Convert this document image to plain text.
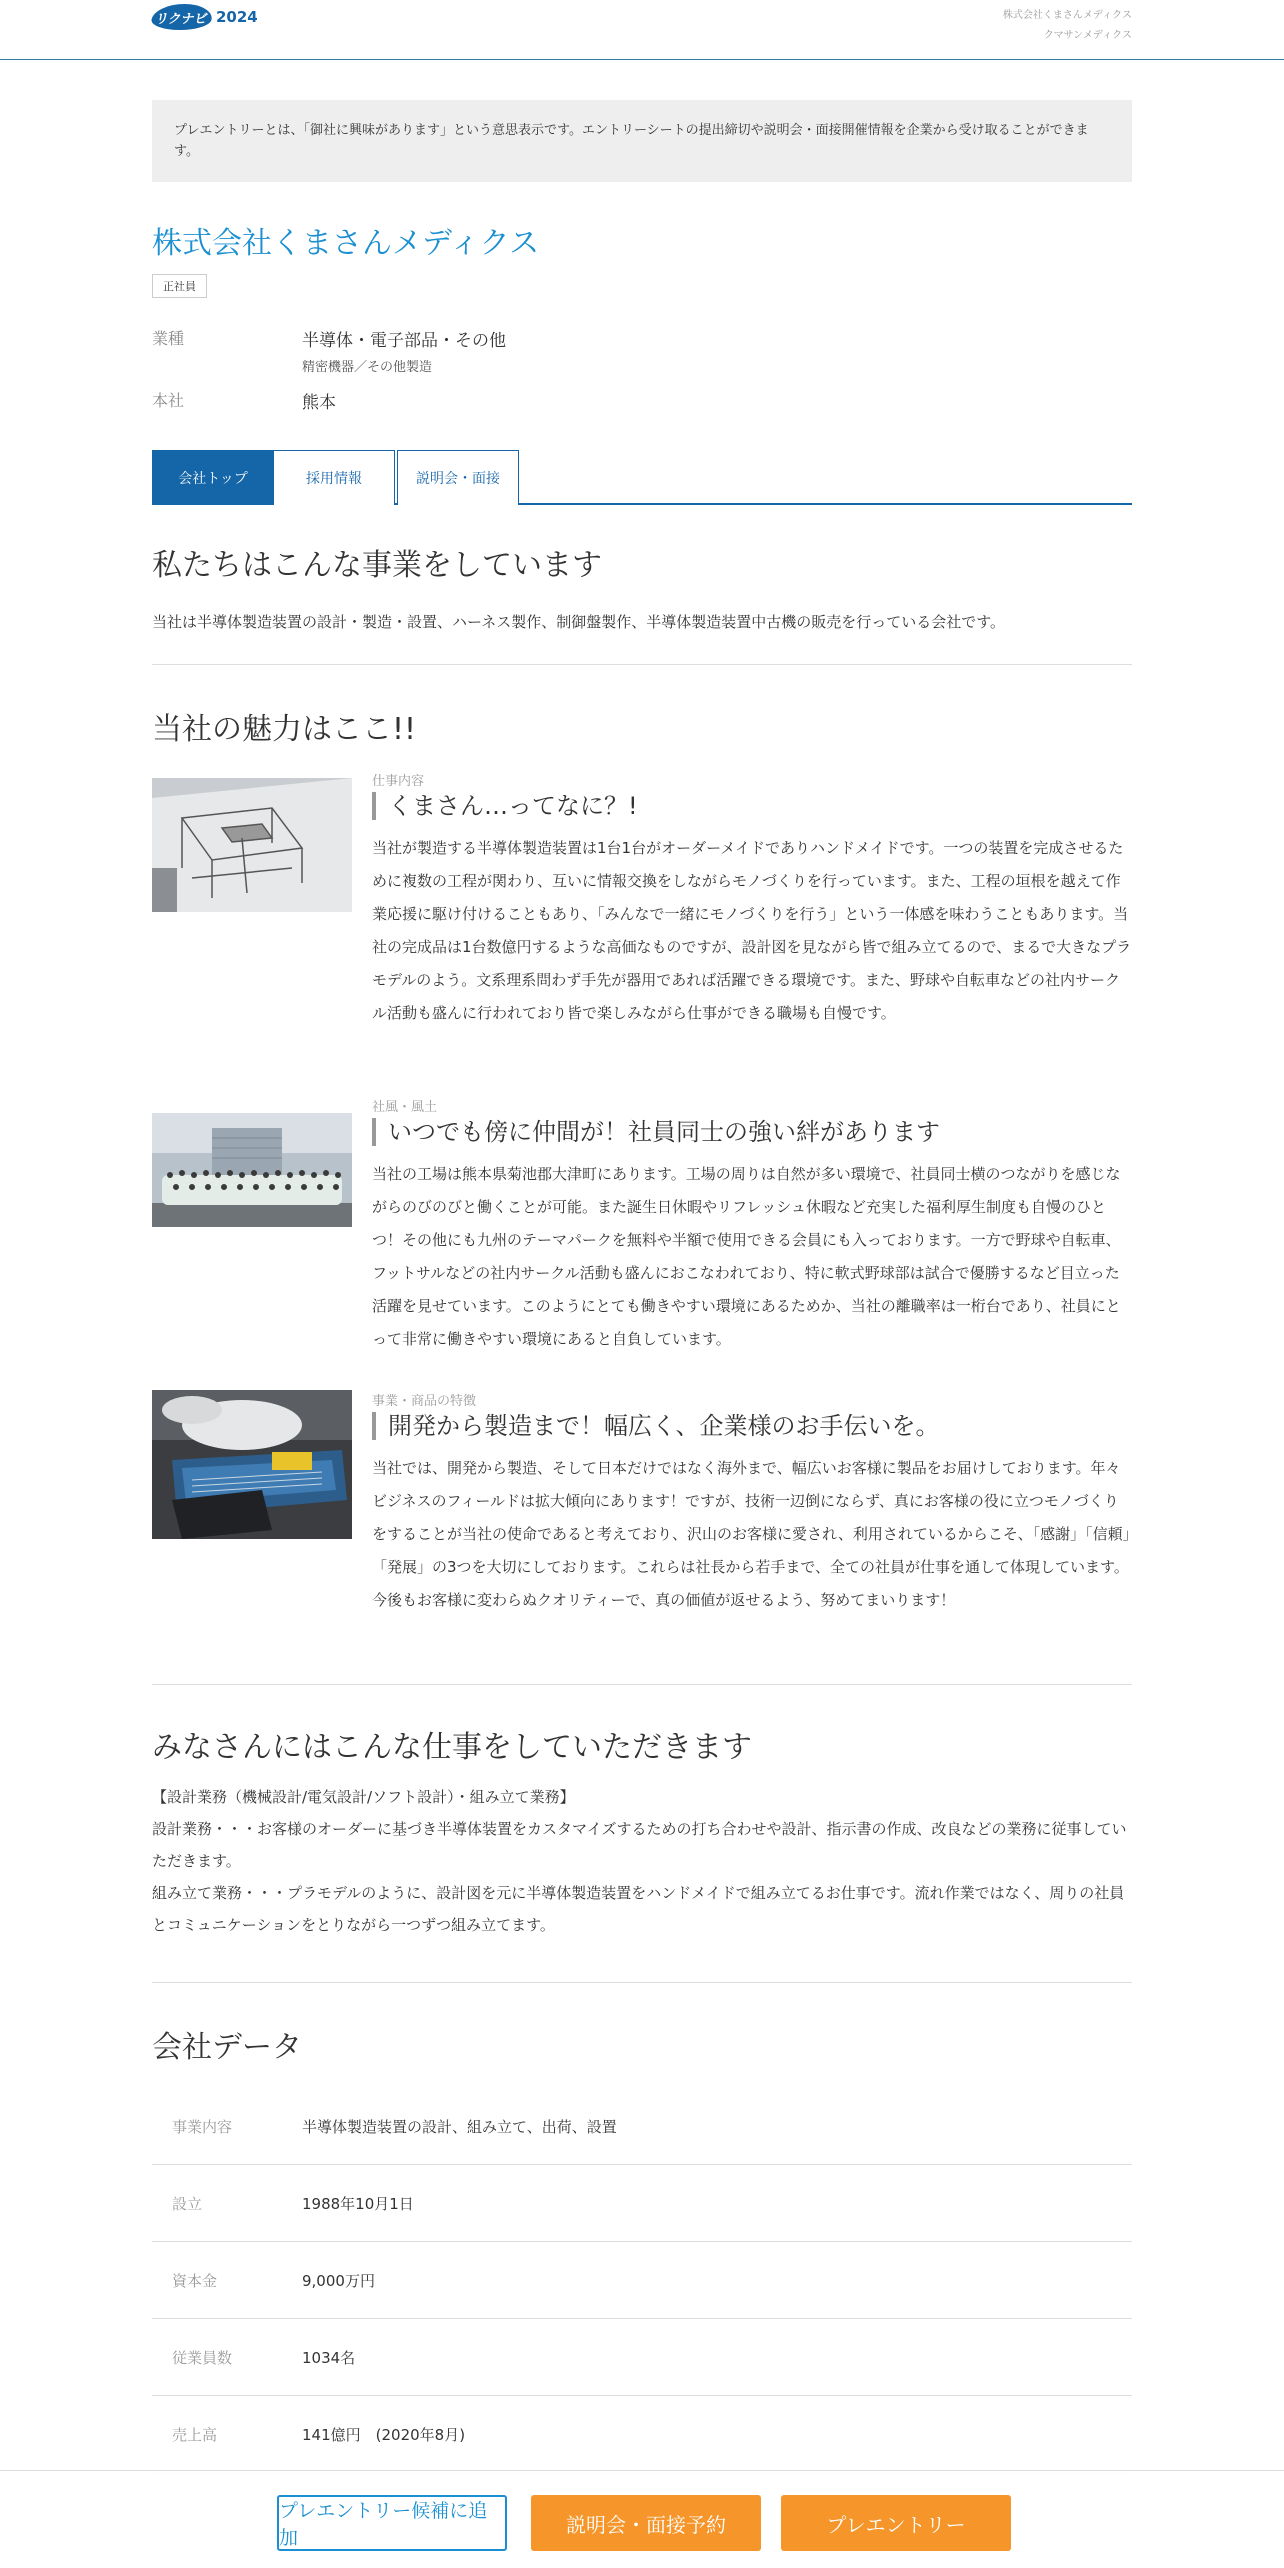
リクナビ 2024	株式会社くまさんメディクス
クマサンメディクス
プレエントリーとは、「御社に興味があります」という意思表示です。エントリーシートの提出締切や説明会・面接開催情報を企業から受け取ることができます。
株式会社くまさんメディクス
正社員
業種	半導体・電子部品・その他
精密機器／その他製造
本社	熊本
会社トップ	採用情報	説明会・面接
私たちはこんな事業をしています
当社は半導体製造装置の設計・製造・設置、ハーネス製作、制御盤製作、半導体製造装置中古機の販売を行っている会社です。
当社の魅力はここ!!
仕事内容
くまさん…ってなに？!
当社が製造する半導体製造装置は1台1台がオーダーメイドでありハンドメイドです。一つの装置を完成させるために複数の工程が関わり、互いに情報交換をしながらモノづくりを行っています。また、工程の垣根を越えて作業応援に駆け付けることもあり、「みんなで一緒にモノづくりを行う」という一体感を味わうこともあります。当社の完成品は1台数億円するような高価なものですが、設計図を見ながら皆で組み立てるので、まるで大きなプラモデルのよう。文系理系問わず手先が器用であれば活躍できる環境です。また、野球や自転車などの社内サークル活動も盛んに行われており皆で楽しみながら仕事ができる職場も自慢です。
社風・風土
いつでも傍に仲間が！社員同士の強い絆があります
当社の工場は熊本県菊池郡大津町にあります。工場の周りは自然が多い環境で、社員同士横のつながりを感じながらのびのびと働くことが可能。また誕生日休暇やリフレッシュ休暇など充実した福利厚生制度も自慢のひとつ！その他にも九州のテーマパークを無料や半額で使用できる会員にも入っております。一方で野球や自転車、フットサルなどの社内サークル活動も盛んにおこなわれており、特に軟式野球部は試合で優勝するなど目立った活躍を見せています。このようにとても働きやすい環境にあるためか、当社の離職率は一桁台であり、社員にとって非常に働きやすい環境にあると自負しています。
事業・商品の特徴
開発から製造まで！幅広く、企業様のお手伝いを。
当社では、開発から製造、そして日本だけではなく海外まで、幅広いお客様に製品をお届けしております。年々ビジネスのフィールドは拡大傾向にあります！ですが、技術一辺倒にならず、真にお客様の役に立つモノづくりをすることが当社の使命であると考えており、沢山のお客様に愛され、利用されているからこそ、「感謝」「信頼」「発展」の3つを大切にしております。これらは社長から若手まで、全ての社員が仕事を通して体現しています。今後もお客様に変わらぬクオリティーで、真の価値が返せるよう、努めてまいります！
みなさんにはこんな仕事をしていただきます
【設計業務（機械設計/電気設計/ソフト設計）・組み立て業務】
設計業務・・・お客様のオーダーに基づき半導体装置をカスタマイズするための打ち合わせや設計、指示書の作成、改良などの業務に従事していただきます。
組み立て業務・・・プラモデルのように、設計図を元に半導体製造装置をハンドメイドで組み立てるお仕事です。流れ作業ではなく、周りの社員とコミュニケーションをとりながら一つずつ組み立てます。
会社データ
事業内容	半導体製造装置の設計、組み立て、出荷、設置
設立	1988年10月1日
資本金	9,000万円
従業員数	1034名
売上高	141億円　(2020年8月)
プレエントリー候補に追加
説明会・面接予約	プレエントリー
